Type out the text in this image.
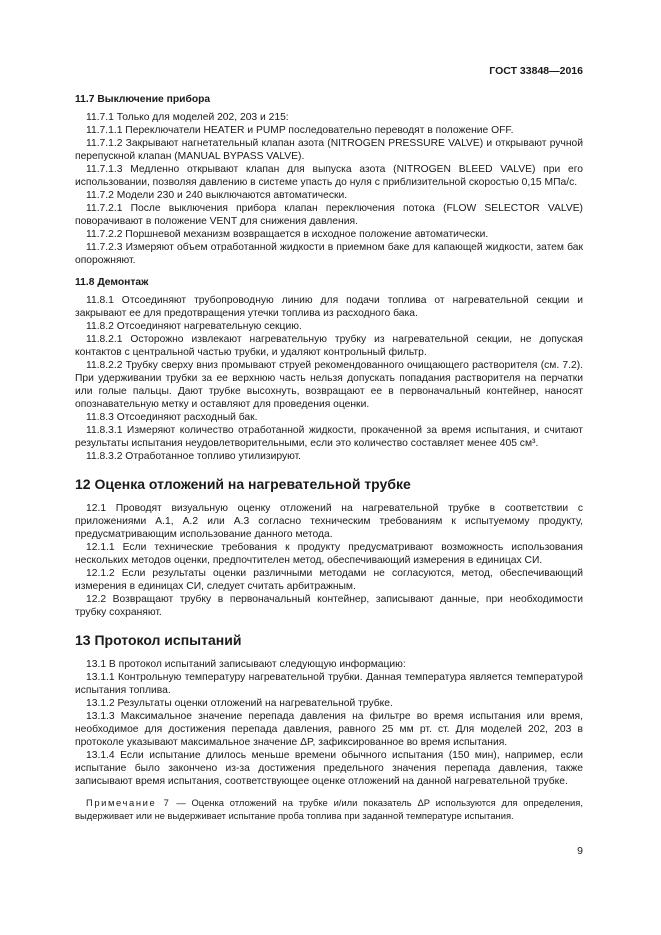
ГОСТ 33848—2016
11.7 Выключение прибора
11.7.1 Только для моделей 202, 203 и 215:
11.7.1.1 Переключатели HEATER и PUMP последовательно переводят в положение OFF.
11.7.1.2 Закрывают нагнетательный клапан азота (NITROGEN PRESSURE VALVE) и открывают ручной перепускной клапан (MANUAL BYPASS VALVE).
11.7.1.3 Медленно открывают клапан для выпуска азота (NITROGEN BLEED VALVE) при его использовании, позволяя давлению в системе упасть до нуля с приблизительной скоростью 0,15 МПа/с.
11.7.2 Модели 230 и 240 выключаются автоматически.
11.7.2.1 После выключения прибора клапан переключения потока (FLOW SELECTOR VALVE) поворачивают в положение VENT для снижения давления.
11.7.2.2 Поршневой механизм возвращается в исходное положение автоматически.
11.7.2.3 Измеряют объем отработанной жидкости в приемном баке для капающей жидкости, затем бак опорожняют.
11.8 Демонтаж
11.8.1 Отсоединяют трубопроводную линию для подачи топлива от нагревательной секции и закрывают ее для предотвращения утечки топлива из расходного бака.
11.8.2 Отсоединяют нагревательную секцию.
11.8.2.1 Осторожно извлекают нагревательную трубку из нагревательной секции, не допуская контактов с центральной частью трубки, и удаляют контрольный фильтр.
11.8.2.2 Трубку сверху вниз промывают струей рекомендованного очищающего растворителя (см. 7.2). При удерживании трубки за ее верхнюю часть нельзя допускать попадания растворителя на перчатки или голые пальцы. Дают трубке высохнуть, возвращают ее в первоначальный контейнер, наносят опознавательную метку и оставляют для проведения оценки.
11.8.3 Отсоединяют расходный бак.
11.8.3.1 Измеряют количество отработанной жидкости, прокаченной за время испытания, и считают результаты испытания неудовлетворительными, если это количество составляет менее 405 см³.
11.8.3.2 Отработанное топливо утилизируют.
12 Оценка отложений на нагревательной трубке
12.1 Проводят визуальную оценку отложений на нагревательной трубке в соответствии с приложениями А.1, А.2 или А.3 согласно техническим требованиям к испытуемому продукту, предусматривающим использование данного метода.
12.1.1 Если технические требования к продукту предусматривают возможность использования нескольких методов оценки, предпочтителен метод, обеспечивающий измерения в единицах СИ.
12.1.2 Если результаты оценки различными методами не согласуются, метод, обеспечивающий измерения в единицах СИ, следует считать арбитражным.
12.2 Возвращают трубку в первоначальный контейнер, записывают данные, при необходимости трубку сохраняют.
13 Протокол испытаний
13.1 В протокол испытаний записывают следующую информацию:
13.1.1 Контрольную температуру нагревательной трубки. Данная температура является температурой испытания топлива.
13.1.2 Результаты оценки отложений на нагревательной трубке.
13.1.3 Максимальное значение перепада давления на фильтре во время испытания или время, необходимое для достижения перепада давления, равного 25 мм рт. ст. Для моделей 202, 203 в протоколе указывают максимальное значение ΔP, зафиксированное во время испытания.
13.1.4 Если испытание длилось меньше времени обычного испытания (150 мин), например, если испытание было закончено из-за достижения предельного значения перепада давления, также записывают время испытания, соответствующее оценке отложений на данной нагревательной трубке.
Примечание 7 — Оценка отложений на трубке и/или показатель ΔP используются для определения, выдерживает или не выдерживает испытание проба топлива при заданной температуре испытания.
9
